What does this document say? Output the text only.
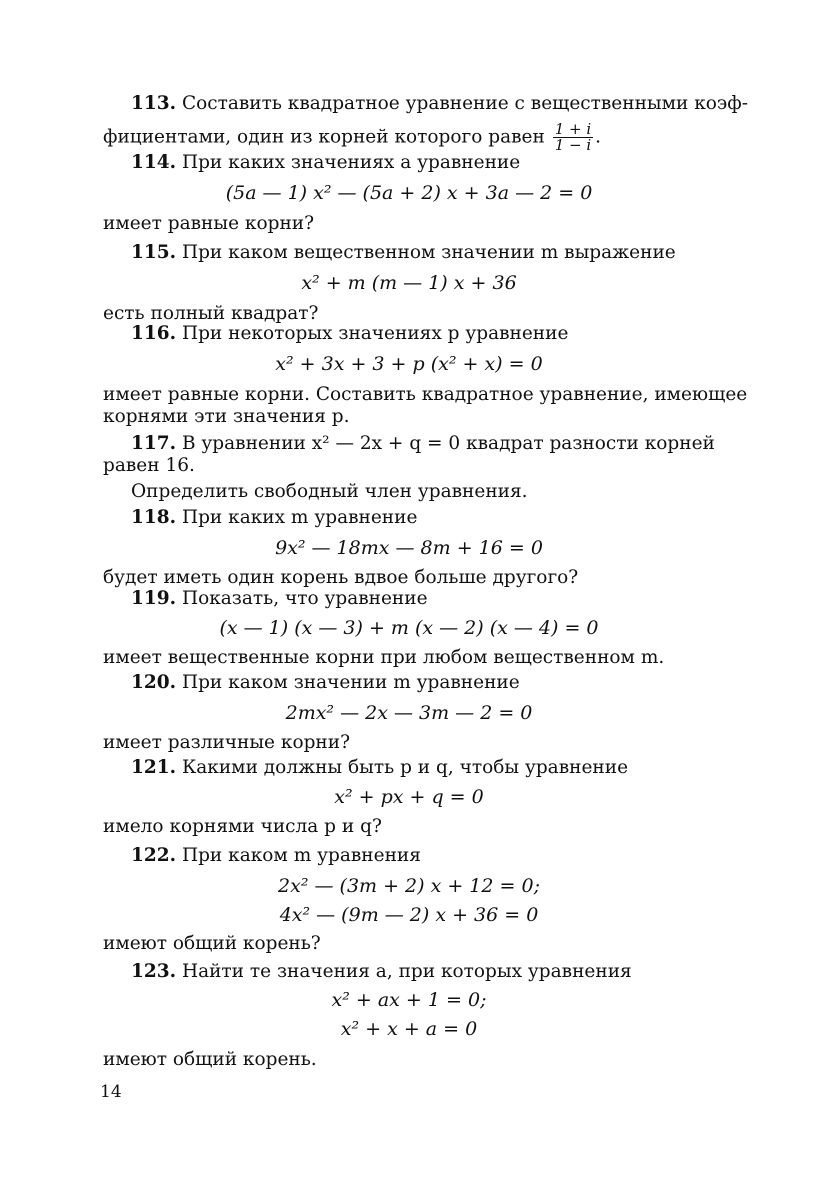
113. Составить квадратное уравнение с вещественными коэф-
фициентами, один из корней которого равен $\frac{1 + i}{1 - i}$ .
114. При каких значениях a уравнение
(5a — 1) x² — (5a + 2) x + 3a — 2 = 0
имеет равные корни?
115. При каком вещественном значении m выражение
x² + m (m — 1) x + 36
есть полный квадрат?
116. При некоторых значениях p уравнение
x² + 3x + 3 + p (x² + x) = 0
имеет равные корни. Составить квадратное уравнение, имеющее
корнями эти значения p.
117. В уравнении x² — 2x + q = 0 квадрат разности корней
равен 16.
Определить свободный член уравнения.
118. При каких m уравнение
9x² — 18mx — 8m + 16 = 0
будет иметь один корень вдвое больше другого?
119. Показать, что уравнение
(x — 1) (x — 3) + m (x — 2) (x — 4) = 0
имеет вещественные корни при любом вещественном m.
120. При каком значении m уравнение
2mx² — 2x — 3m — 2 = 0
имеет различные корни?
121. Какими должны быть p и q, чтобы уравнение
x² + px + q = 0
имело корнями числа p и q?
122. При каком m уравнения
2x² — (3m + 2) x + 12 = 0;
4x² — (9m — 2) x + 36 = 0
имеют общий корень?
123. Найти те значения a, при которых уравнения
x² + ax + 1 = 0;
x² + x + a = 0
имеют общий корень.
14
